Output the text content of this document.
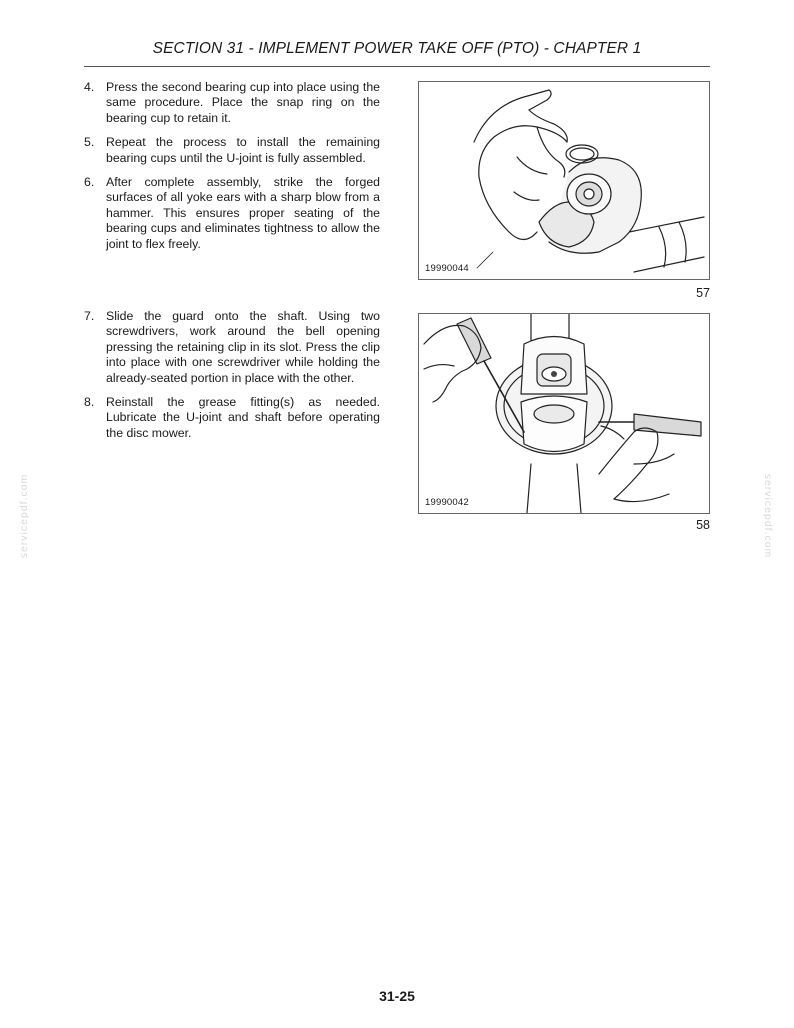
SECTION 31 - IMPLEMENT POWER TAKE OFF (PTO) - CHAPTER 1
4. Press the second bearing cup into place using the same procedure. Place the snap ring on the bearing cup to retain it.
5. Repeat the process to install the remaining bearing cups until the U-joint is fully assembled.
6. After complete assembly, strike the forged surfaces of all yoke ears with a sharp blow from a hammer. This ensures proper seating of the bearing cups and eliminates tightness to allow the joint to flex freely.
7. Slide the guard onto the shaft. Using two screwdrivers, work around the bell opening pressing the retaining clip in its slot. Press the clip into place with one screwdriver while holding the already-seated portion in place with the other.
8. Reinstall the grease fitting(s) as needed. Lubricate the U-joint and shaft before operating the disc mower.
19990044
57
19990042
58
servicepdf.com	servicepdf.com
31-25
